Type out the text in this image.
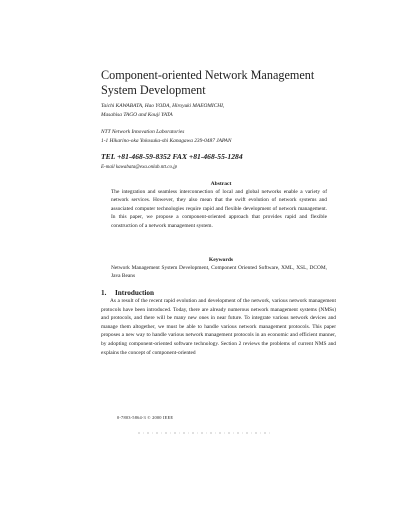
Component-oriented Network Management
System Development
Taichi KAWABATA, Hao YODA, Hiroyuki MAEOMICHI,
Masahisa TAGO and Kouji YATA
NTT Network Innovation Laboratories
1-1 Hikarino-oka Yokosuka-shi Kanagawa 239-0487 JAPAN
TEL +81-468-59-8352 FAX +81-468-55-1284
E-mail kawabata@exa.onlab.ntt.co.jp
Abstract
The integration and seamless interconnection of local and global networks enable a variety of network services. However, they also mean that the swift evolution of network systems and associated computer technologies require rapid and flexible development of network management. In this paper, we propose a component-oriented approach that provides rapid and flexible construction of a network management system.
Keywords
Network Management System Development, Component Oriented Software, XML, XSL, DCOM, Java Beans
1. Introduction
As a result of the recent rapid evolution and development of the network, various network management protocols have been introduced. Today, there are already numerous network management systems (NMSs) and protocols, and there will be many new ones in near future. To integrate various network devices and manage them altogether, we must be able to handle various network management protocols. This paper proposes a new way to handle various network management protocols in an economic and efficient manner, by adopting component-oriented software technology. Section 2 reviews the problems of current NMS and explains the concept of component-oriented
0-7803-5864-3 © 2000 IEEE
